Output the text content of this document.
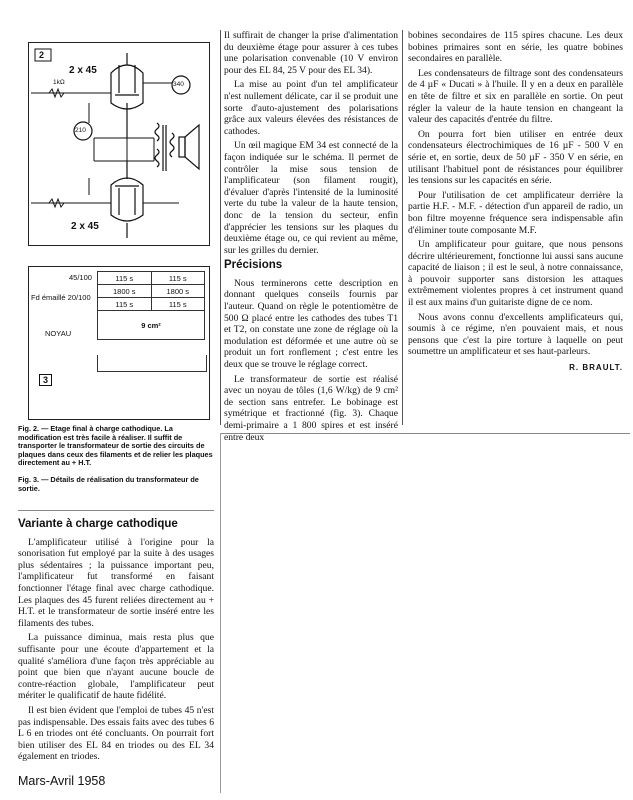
2
2 x 45
1kΩ	340
210
2 x 45
45/100
Fd émaillé 20/100
NOYAU
115 s	115 s
1800 s	1800 s
115 s	115 s
9 cm²	
3

Fig. 2. — Etage final à charge cathodique. La modification est très facile à réaliser. Il suffit de transporter le transformateur de sortie des circuits de plaques dans ceux des filaments et de relier les plaques directement au + H.T.

Fig. 3. — Détails de réalisation du transformateur de sortie.

Variante à charge cathodique

L'amplificateur utilisé à l'origine pour la sonorisation fut employé par la suite à des usages plus sédentaires ; la puissance important peu, l'amplificateur fut transformé en faisant fonctionner l'étage final avec charge cathodique. Les plaques des 45 furent reliées directement au + H.T. et le transformateur de sortie inséré entre les filaments des tubes.

La puissance diminua, mais resta plus que suffisante pour une écoute d'appartement et la qualité s'améliora d'une façon très appréciable au point que bien que n'ayant aucune boucle de contre-réaction globale, l'amplificateur peut mériter le qualificatif de haute fidélité.

Il est bien évident que l'emploi de tubes 45 n'est pas indispensable. Des essais faits avec des tubes 6 L 6 en triodes ont été concluants. On pourrait fort bien utiliser des EL 84 en triodes ou des EL 34 également en triodes.

Il suffirait de changer la prise d'alimentation du deuxième étage pour assurer à ces tubes une polarisation convenable (10 V environ pour des EL 84, 25 V pour des EL 34).

La mise au point d'un tel amplificateur n'est nullement délicate, car il se produit une sorte d'auto-ajustement des polarisations grâce aux valeurs élevées des résistances de cathodes.

Un œil magique EM 34 est connecté de la façon indiquée sur le schéma. Il permet de contrôler la mise sous tension de l'amplificateur (son filament rougit), d'évaluer d'après l'intensité de la luminosité verte du tube la valeur de la haute tension, donc de la tension du secteur, enfin d'apprécier les tensions sur les plaques du deuxième étage ou, ce qui revient au même, sur les grilles du dernier.

Précisions

Nous terminerons cette description en donnant quelques conseils fournis par l'auteur. Quand on règle le potentiomètre de 500 Ω placé entre les cathodes des tubes T1 et T2, on constate une zone de réglage où la modulation est déformée et une autre où se produit un fort ronflement ; c'est entre les deux que se trouve le réglage correct.

Le transformateur de sortie est réalisé avec un noyau de tôles (1,6 W/kg) de 9 cm² de section sans entrefer. Le bobinage est symétrique et fractionné (fig. 3). Chaque demi-primaire a 1 800 spires et est inséré entre deux

bobines secondaires de 115 spires chacune. Les deux bobines primaires sont en série, les quatre bobines secondaires en parallèle.

Les condensateurs de filtrage sont des condensateurs de 4 µF « Ducati » à l'huile. Il y en a deux en parallèle en tête de filtre et six en parallèle en sortie. On peut régler la valeur de la haute tension en changeant la valeur des capacités d'entrée du filtre.

On pourra fort bien utiliser en entrée deux condensateurs électrochimiques de 16 µF - 500 V en série et, en sortie, deux de 50 µF - 350 V en série, en utilisant l'habituel pont de résistances pour équilibrer les tensions sur les capacités en série.

Pour l'utilisation de cet amplificateur derrière la partie H.F. - M.F. - détection d'un appareil de radio, un bon filtre moyenne fréquence sera indispensable afin d'éliminer toute composante M.F.

Un amplificateur pour guitare, que nous pensons décrire ultérieurement, fonctionne lui aussi sans aucune capacité de liaison ; il est le seul, à notre connaissance, à pouvoir supporter sans distorsion les attaques extrêmement violentes propres à cet instrument quand il est aux mains d'un guitariste digne de ce nom.

Nous avons connu d'excellents amplificateurs qui, soumis à ce régime, n'en pouvaient mais, et nous pensons que c'est la pire torture à laquelle on peut soumettre un amplificateur et ses haut-parleurs.

R. BRAULT.
Mars-Avril 1958
